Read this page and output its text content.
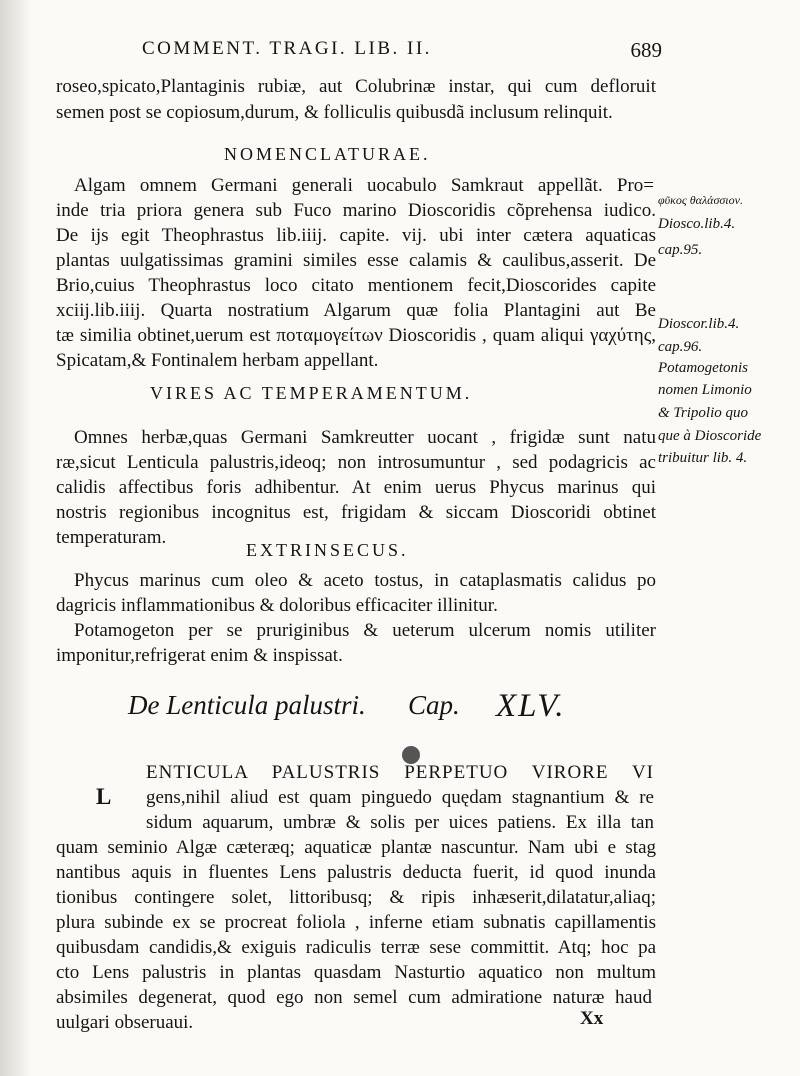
COMMENT. TRAGI. LIB. II.	689
roseo,spicato,Plantaginis rubiæ, aut Colubrinæ instar, qui cum defloruit
semen post se copiosum,durum, & folliculis quibusdã inclusum relinquit.
NOMENCLATURAE.
Algam omnem Germani generali uocabulo Samkraut appellãt. Pro=
inde tria priora genera sub Fuco marino Dioscoridis cõprehensa iudico.
De ijs egit Theophrastus lib.iiij. capite. vij. ubi inter cætera aquaticas
plantas uulgatissimas gramini similes esse calamis & caulibus,asserit. De
Brio,cuius Theophrastus loco citato mentionem fecit,Dioscorides capite
xciij.lib.iiij. Quarta nostratium Algarum quæ folia Plantagini aut Be
tæ similia obtinet,uerum est ποταμογείτων Dioscoridis , quam aliqui γαχύτης,
Spicatam,& Fontinalem herbam appellant.
φῦκος θαλάσσιον.
Diosco.lib.4.
cap.95.
Dioscor.lib.4.
cap.96.
Potamogetonis
nomen Limonio
& Tripolio quo
que à Dioscoride
tribuitur lib. 4.
VIRES AC TEMPERAMENTUM.
Omnes herbæ,quas Germani Samkreutter uocant , frigidæ sunt natu
ræ,sicut Lenticula palustris,ideoq; non introsumuntur , sed podagricis ac
calidis affectibus foris adhibentur. At enim uerus Phycus marinus qui
nostris regionibus incognitus est, frigidam & siccam Dioscoridi obtinet
temperaturam.
EXTRINSECUS.
Phycus marinus cum oleo & aceto tostus, in cataplasmatis calidus po
dagricis inflammationibus & doloribus efficaciter illinitur.
Potamogeton per se pruriginibus & ueterum ulcerum nomis utiliter
imponitur,refrigerat enim & inspissat.
De Lenticula palustri. Cap. XLV.
L
ENTICULA PALUSTRIS PERPETUO VIRORE VI
gens,nihil aliud est quam pinguedo quędam stagnantium & re
sidum aquarum, umbræ & solis per uices patiens. Ex illa tan
quam seminio Algæ cæteræq; aquaticæ plantæ nascuntur. Nam ubi e stag
nantibus aquis in fluentes Lens palustris deducta fuerit, id quod inunda
tionibus contingere solet, littoribusq; & ripis inhæserit,dilatatur,aliaq;
plura subinde ex se procreat foliola , inferne etiam subnatis capillamentis
quibusdam candidis,& exiguis radiculis terræ sese committit. Atq; hoc pa
cto Lens palustris in plantas quasdam Nasturtio aquatico non multum
absimiles degenerat, quod ego non semel cum admiratione naturæ haud
uulgari obseruaui.	Xx
